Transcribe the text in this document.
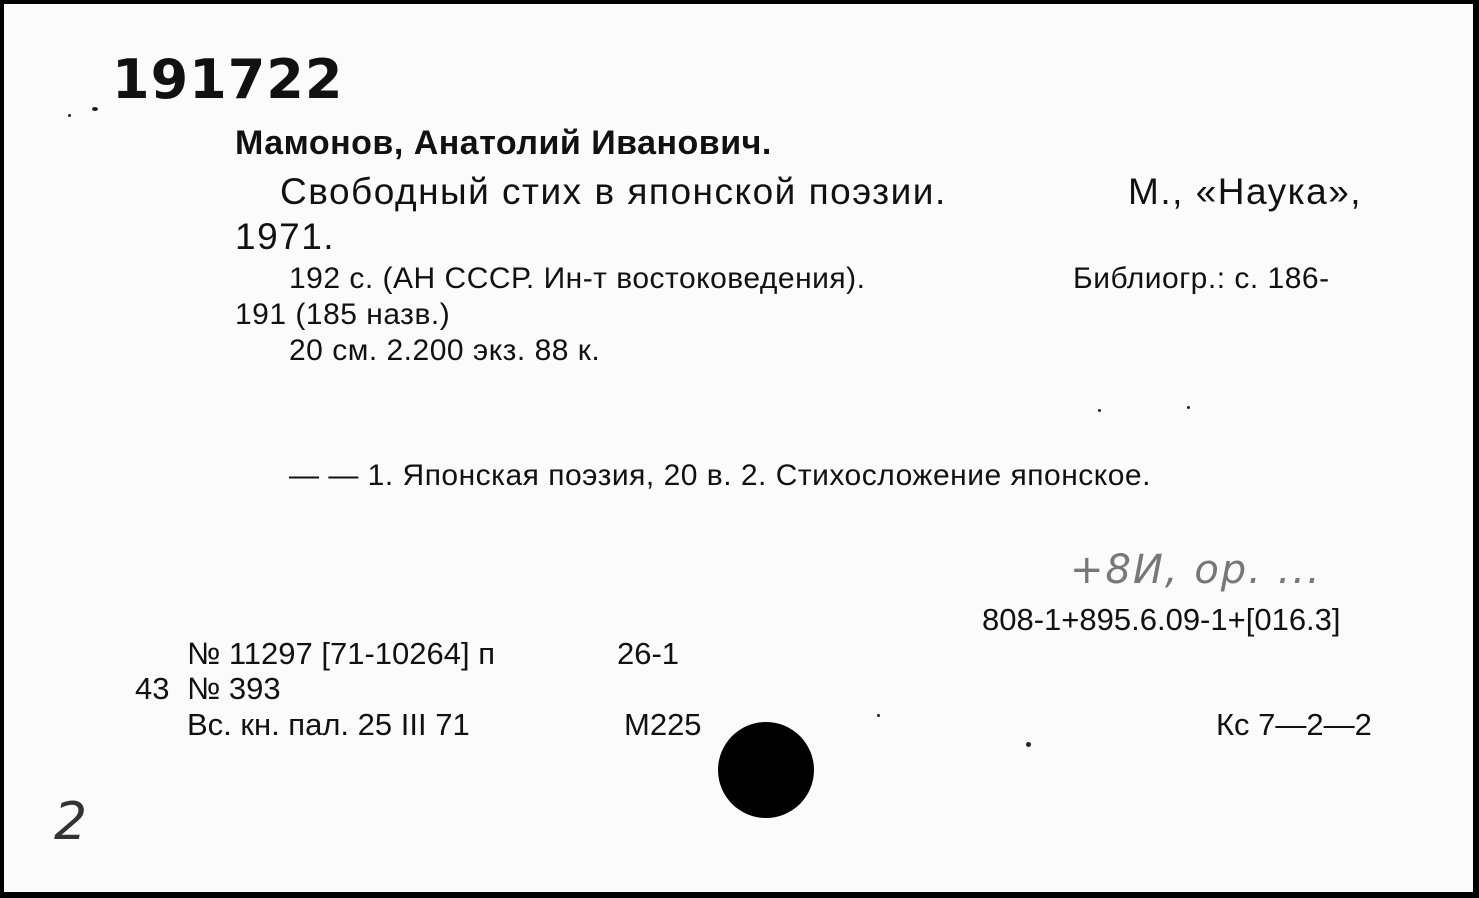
191722
Мамонов, Анатолий Иванович.
Свободный стих в японской поэзии.	М., «Наука»,
1971.
192 с. (АН СССР. Ин-т востоковедения).	Библиогр.: с. 186-
191 (185 назв.)
20 см. 2.200 экз. 88 к.
— — 1. Японская поэзия, 20 в. 2. Стихосложение японское.
+8И, ор. ...
808-1+895.6.09-1+[016.3]
№ 11297 [71-10264] п	26-1
43 № 393
Вс. кн. пал. 25 III 71	М225	Кс 7—2—2
2
